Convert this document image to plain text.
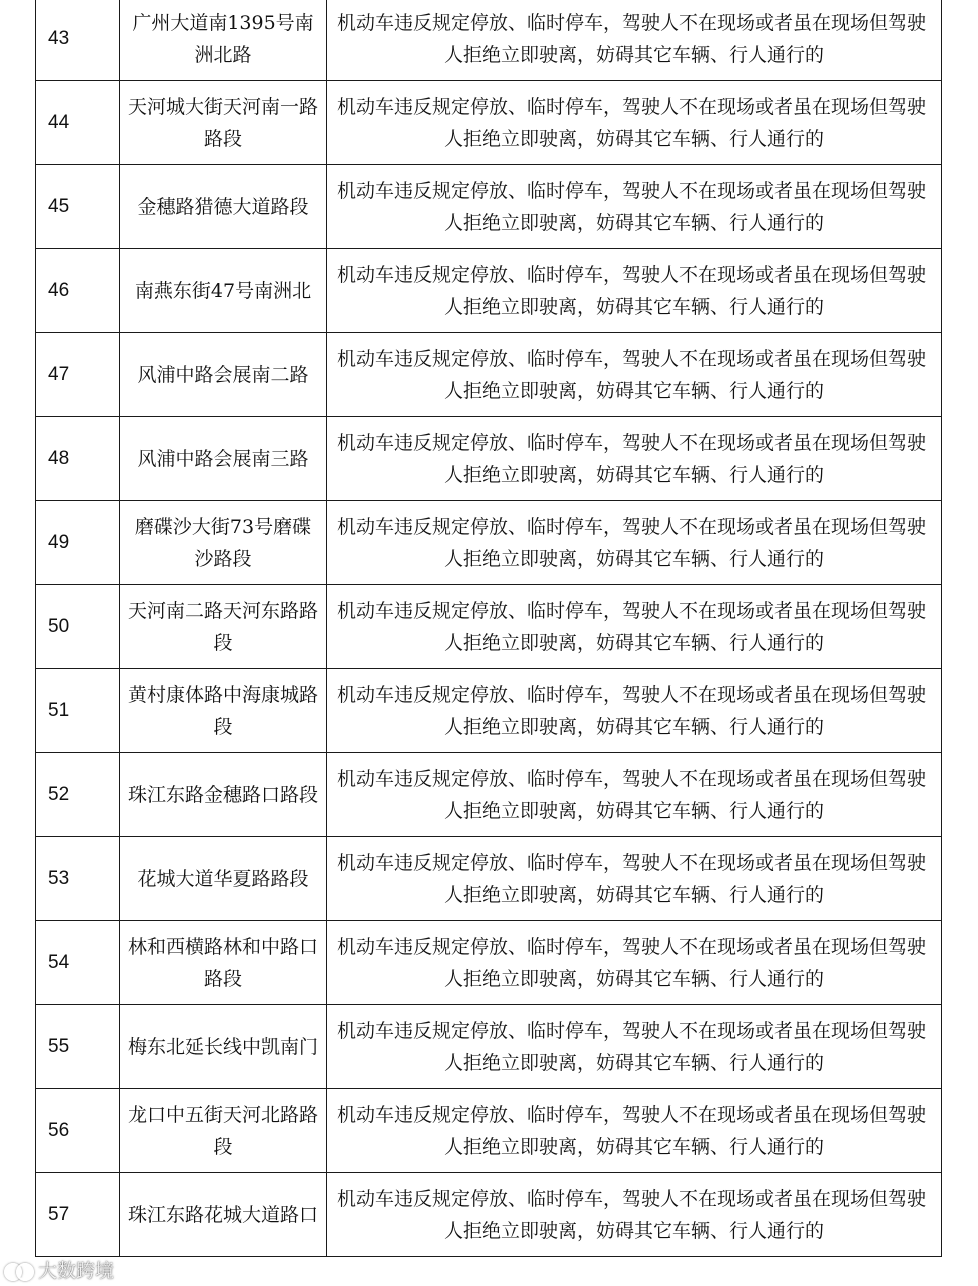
43	广州大道南1395号南洲北路	机动车违反规定停放、临时停车，驾驶人不在现场或者虽在现场但驾驶
人拒绝立即驶离，妨碍其它车辆、行人通行的

44	天河城大街天河南一路路段	机动车违反规定停放、临时停车，驾驶人不在现场或者虽在现场但驾驶
人拒绝立即驶离，妨碍其它车辆、行人通行的

45	金穗路猎德大道路段	机动车违反规定停放、临时停车，驾驶人不在现场或者虽在现场但驾驶
人拒绝立即驶离，妨碍其它车辆、行人通行的

46	南燕东街47号南洲北	机动车违反规定停放、临时停车，驾驶人不在现场或者虽在现场但驾驶
人拒绝立即驶离，妨碍其它车辆、行人通行的

47	风浦中路会展南二路	机动车违反规定停放、临时停车，驾驶人不在现场或者虽在现场但驾驶
人拒绝立即驶离，妨碍其它车辆、行人通行的

48	风浦中路会展南三路	机动车违反规定停放、临时停车，驾驶人不在现场或者虽在现场但驾驶
人拒绝立即驶离，妨碍其它车辆、行人通行的

49	磨碟沙大街73号磨碟沙路段	机动车违反规定停放、临时停车，驾驶人不在现场或者虽在现场但驾驶
人拒绝立即驶离，妨碍其它车辆、行人通行的

50	天河南二路天河东路路段	机动车违反规定停放、临时停车，驾驶人不在现场或者虽在现场但驾驶
人拒绝立即驶离，妨碍其它车辆、行人通行的

51	黄村康体路中海康城路段	机动车违反规定停放、临时停车，驾驶人不在现场或者虽在现场但驾驶
人拒绝立即驶离，妨碍其它车辆、行人通行的

52	珠江东路金穗路口路段	机动车违反规定停放、临时停车，驾驶人不在现场或者虽在现场但驾驶
人拒绝立即驶离，妨碍其它车辆、行人通行的

53	花城大道华夏路路段	机动车违反规定停放、临时停车，驾驶人不在现场或者虽在现场但驾驶
人拒绝立即驶离，妨碍其它车辆、行人通行的

54	林和西横路林和中路口路段	机动车违反规定停放、临时停车，驾驶人不在现场或者虽在现场但驾驶
人拒绝立即驶离，妨碍其它车辆、行人通行的

55	梅东北延长线中凯南门	机动车违反规定停放、临时停车，驾驶人不在现场或者虽在现场但驾驶
人拒绝立即驶离，妨碍其它车辆、行人通行的

56	龙口中五街天河北路路段	机动车违反规定停放、临时停车，驾驶人不在现场或者虽在现场但驾驶
人拒绝立即驶离，妨碍其它车辆、行人通行的

57	珠江东路花城大道路口	机动车违反规定停放、临时停车，驾驶人不在现场或者虽在现场但驾驶
人拒绝立即驶离，妨碍其它车辆、行人通行的
大数跨境
